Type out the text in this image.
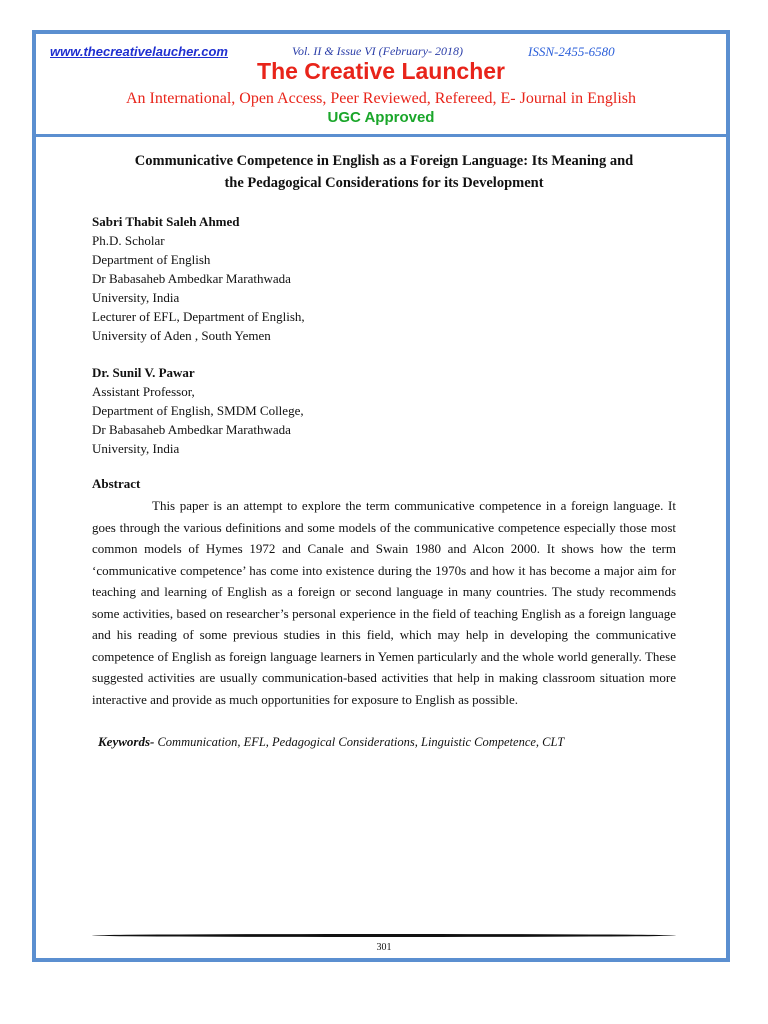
www.thecreativelaucher.com	Vol. II & Issue VI (February- 2018)	ISSN-2455-6580
The Creative Launcher
An International, Open Access, Peer Reviewed, Refereed, E- Journal in English
UGC Approved

Communicative Competence in English as a Foreign Language: Its Meaning and
the Pedagogical Considerations for its Development

Sabri Thabit Saleh Ahmed
Ph.D. Scholar
Department of English
Dr Babasaheb Ambedkar Marathwada
University, India
Lecturer of EFL, Department of English,
University of Aden , South Yemen
Dr. Sunil V. Pawar
Assistant Professor,
Department of English, SMDM College,
Dr Babasaheb Ambedkar Marathwada
University, India
Abstract

This paper is an attempt to explore the term communicative competence in a foreign language. It goes through the various definitions and some models of the communicative competence especially those most common models of Hymes 1972 and Canale and Swain 1980 and Alcon 2000. It shows how the term ‘communicative competence’ has come into existence during the 1970s and how it has become a major aim for teaching and learning of English as a foreign or second language in many countries. The study recommends some activities, based on researcher’s personal experience in the field of teaching English as a foreign language and his reading of some previous studies in this field, which may help in developing the communicative competence of English as foreign language learners in Yemen particularly and the whole world generally. These suggested activities are usually communication-based activities that help in making classroom situation more interactive and provide as much opportunities for exposure to English as possible.

Keywords- Communication, EFL, Pedagogical Considerations, Linguistic Competence, CLT
301
